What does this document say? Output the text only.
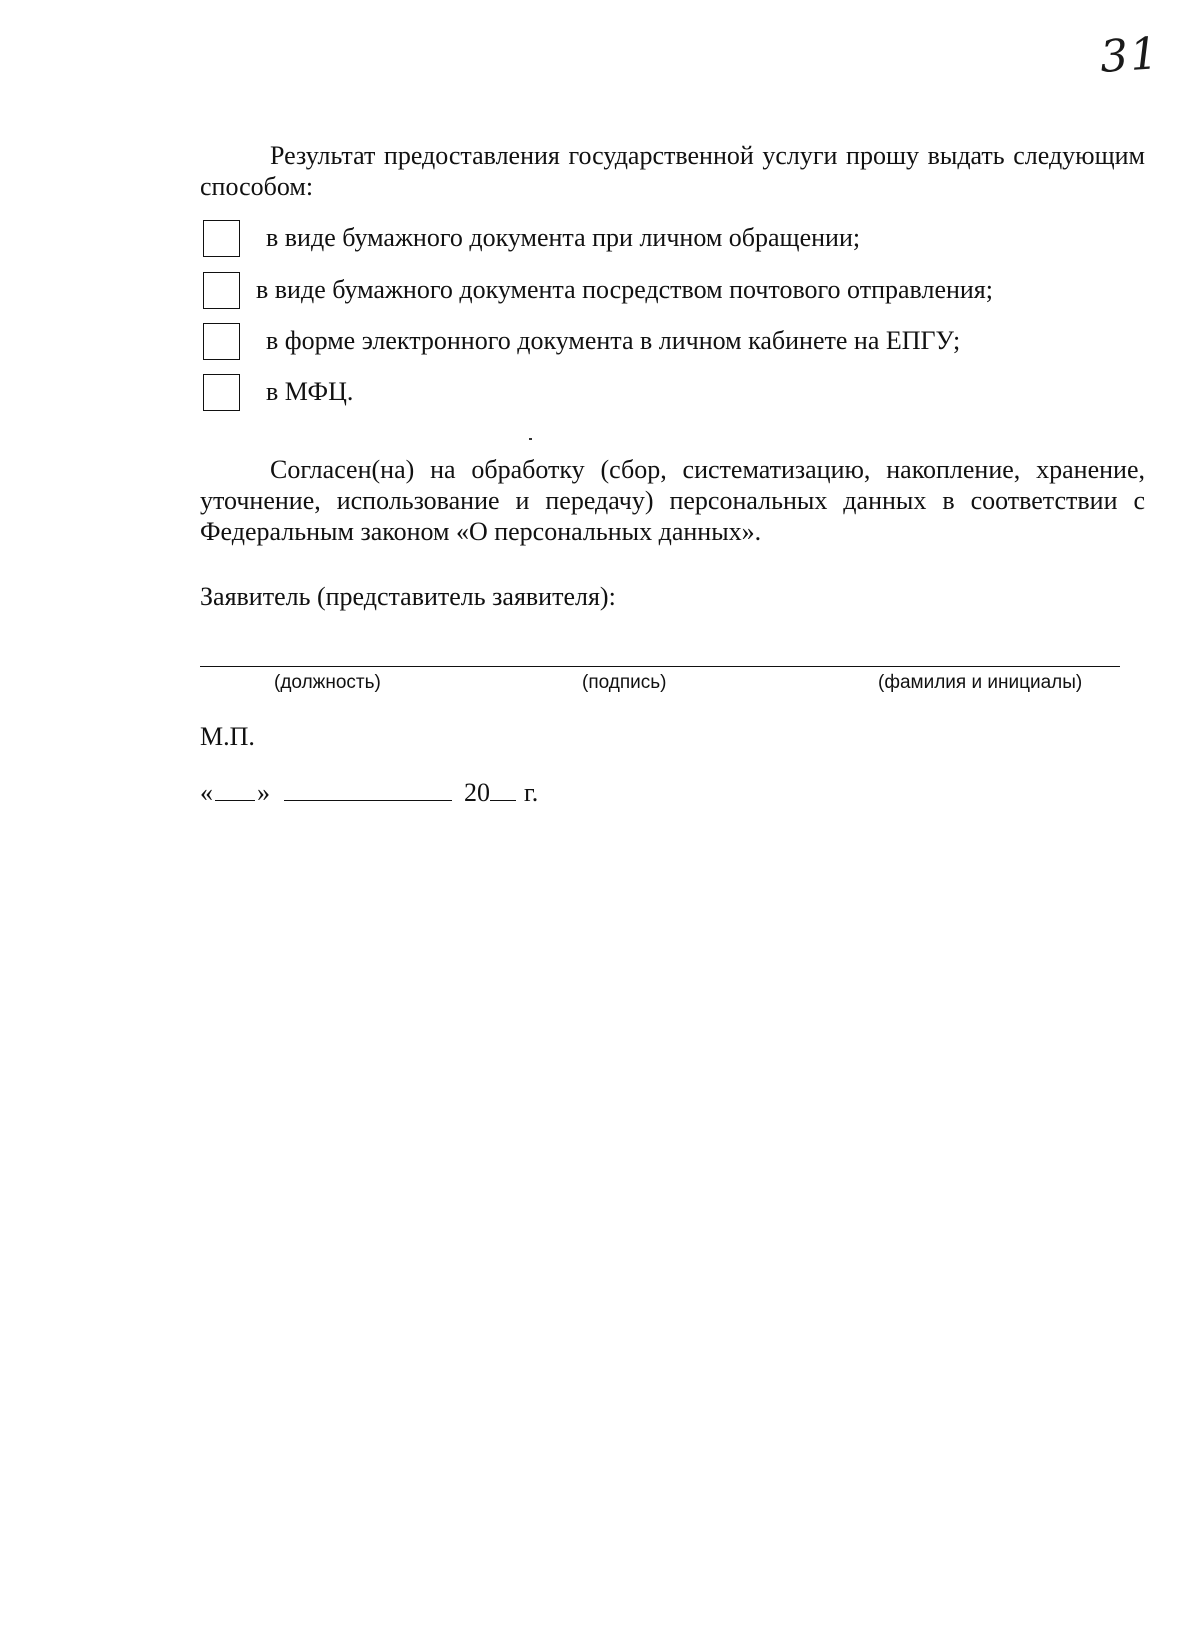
31
Результат предоставления государственной услуги прошу выдать следующим способом:
в виде бумажного документа при личном обращении;
в виде бумажного документа посредством почтового отправления;
в форме электронного документа в личном кабинете на ЕПГУ;
в МФЦ.
Согласен(на) на обработку (сбор, систематизацию, накопление, хранение, уточнение, использование и передачу) персональных данных в соответствии с Федеральным законом «О персональных данных».
Заявитель (представитель заявителя):
(должность)	(подпись)	(фамилия и инициалы)
М.П.
« »	20 г.
